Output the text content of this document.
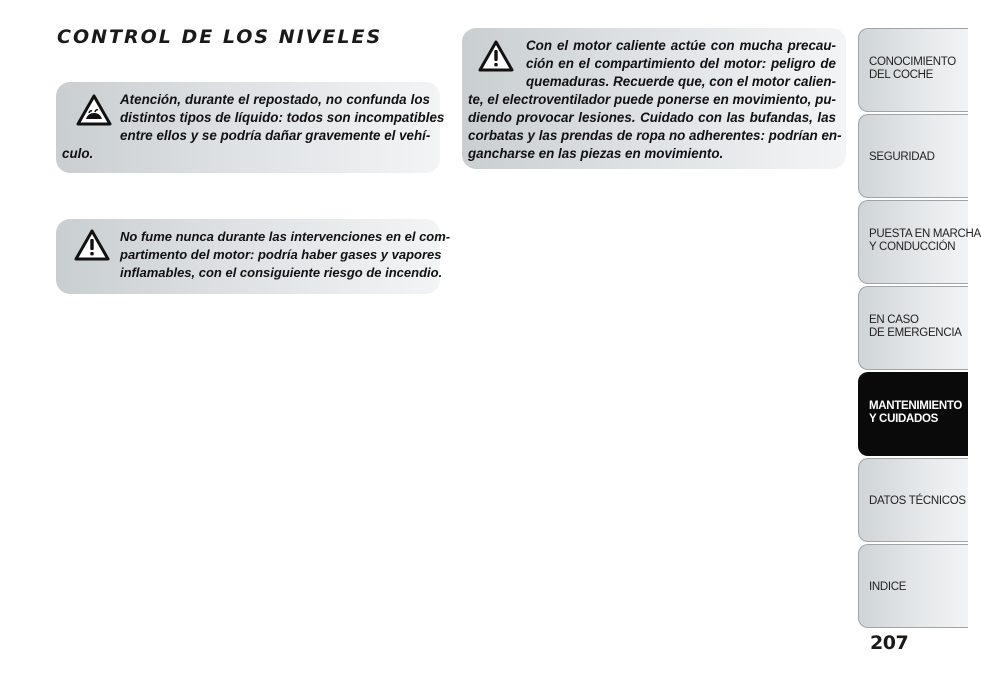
CONTROL DE LOS NIVELES

Atención, durante el repostado, no confunda los
distintos tipos de líquido: todos son incompatibles
entre ellos y se podría dañar gravemente el vehí-
culo.

No fume nunca durante las intervenciones en el com-
partimento del motor: podría haber gases y vapores
inflamables, con el consiguiente riesgo de incendio.

Con el motor caliente actúe con mucha precau-
ción en el compartimiento del motor: peligro de
quemaduras. Recuerde que, con el motor calien-
te, el electroventilador puede ponerse en movimiento, pu-
diendo provocar lesiones. Cuidado con las bufandas, las
corbatas y las prendas de ropa no adherentes: podrían en-
gancharse en las piezas en movimiento.

CONOCIMIENTO
DEL COCHE
SEGURIDAD
PUESTA EN MARCHA
Y CONDUCCIÓN
EN CASO
DE EMERGENCIA
MANTENIMIENTO
Y CUIDADOS
DATOS TÉCNICOS
INDICE
207
